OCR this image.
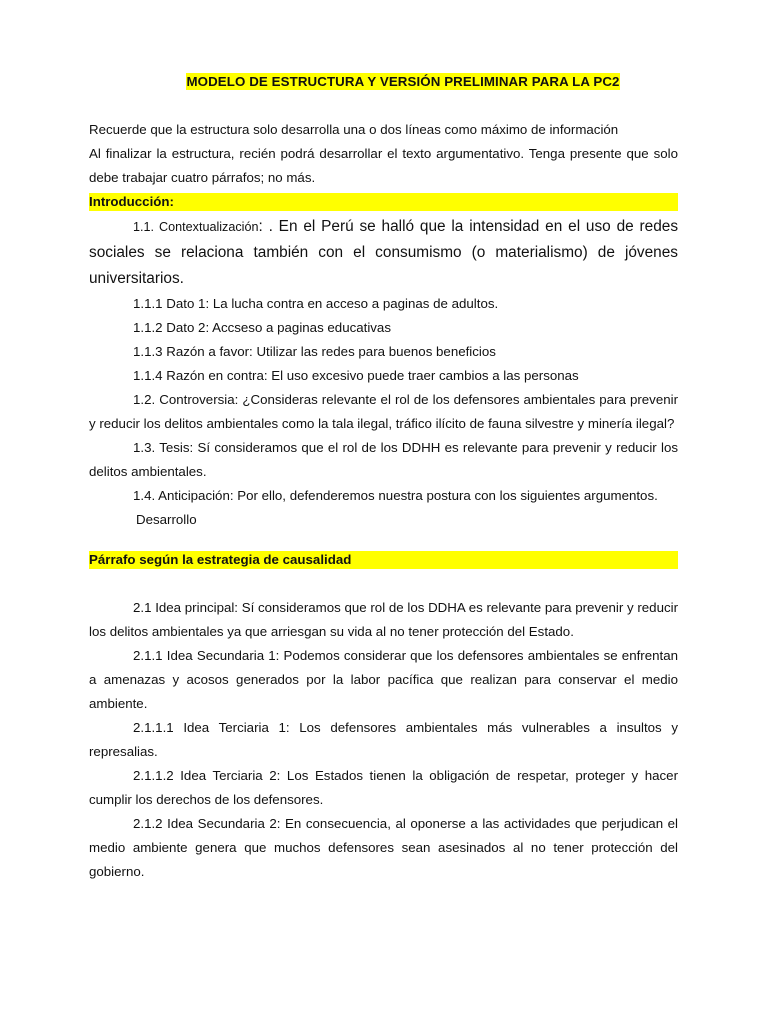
MODELO DE ESTRUCTURA Y VERSIÓN PRELIMINAR PARA LA PC2

Recuerde que la estructura solo desarrolla una o dos líneas como máximo de información

Al finalizar la estructura, recién podrá desarrollar el texto argumentativo. Tenga presente que solo debe trabajar cuatro párrafos; no más.

Introducción:

1.1. Contextualización: . En el Perú se halló que la intensidad en el uso de redes sociales se relaciona también con el consumismo (o materialismo) de jóvenes universitarios.

1.1.1 Dato 1: La lucha contra en acceso a paginas de adultos.

1.1.2 Dato 2: Accseso a paginas educativas

1.1.3 Razón a favor: Utilizar las redes para buenos beneficios

1.1.4 Razón en contra: El uso excesivo puede traer cambios a las personas

1.2. Controversia: ¿Consideras relevante el rol de los defensores ambientales para prevenir y reducir los delitos ambientales como la tala ilegal, tráfico ilícito de fauna silvestre y minería ilegal?

1.3. Tesis: Sí consideramos que el rol de los DDHH es relevante para prevenir y reducir los delitos ambientales.

1.4. Anticipación: Por ello, defenderemos nuestra postura con los siguientes argumentos.

Desarrollo

Párrafo según la estrategia de causalidad

2.1 Idea principal: Sí consideramos que rol de los DDHA es relevante para prevenir y reducir los delitos ambientales ya que arriesgan su vida al no tener protección del Estado.

2.1.1 Idea Secundaria 1: Podemos considerar que los defensores ambientales se enfrentan a amenazas y acosos generados por la labor pacífica que realizan para conservar el medio ambiente.

2.1.1.1 Idea Terciaria 1: Los defensores ambientales más vulnerables a insultos y represalias.

2.1.1.2 Idea Terciaria 2: Los Estados tienen la obligación de respetar, proteger y hacer cumplir los derechos de los defensores.

2.1.2 Idea Secundaria 2: En consecuencia, al oponerse a las actividades que perjudican el medio ambiente genera que muchos defensores sean asesinados al no tener protección del gobierno.
